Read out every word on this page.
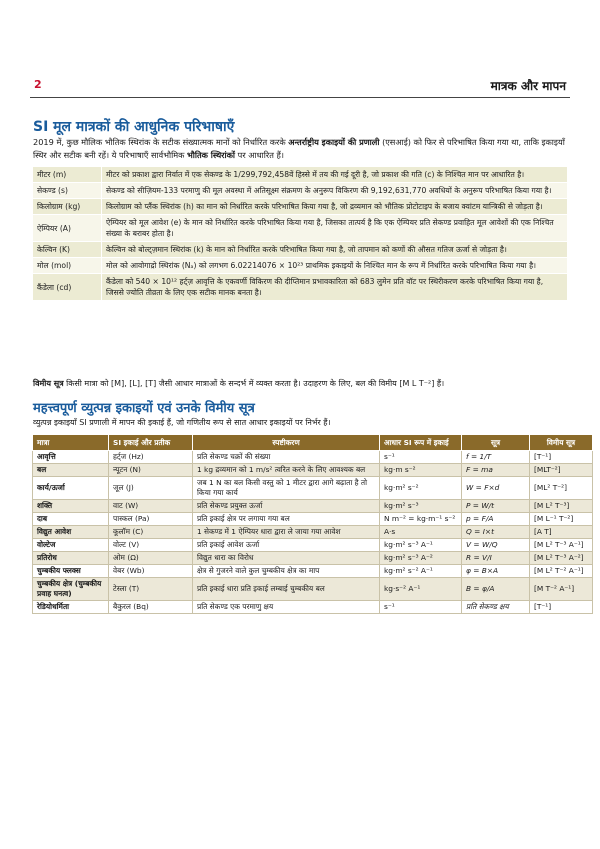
2	मात्रक और मापन
SI मूल मात्रकों की आधुनिक परिभाषाएँ
2019 में, कुछ मौलिक भौतिक स्थिरांक के सटीक संख्यात्मक मानों को निर्धारित करके अन्तर्राष्ट्रीय इकाइयों की प्रणाली (एसआई) को फिर से परिभाषित किया गया था, ताकि इकाइयाँ स्थिर और सटीक बनी रहें। ये परिभाषाएँ सार्वभौमिक भौतिक स्थिरांकों पर आधारित हैं।
मीटर (m)	मीटर को प्रकाश द्वारा निर्वात में एक सेकण्ड के 1/299,792,458वें हिस्से में तय की गई दूरी है, जो प्रकाश की गति (c) के निश्चित मान पर आधारित है।
सेकण्ड (s)	सेकण्ड को सीज़ियम-133 परमाणु की मूल अवस्था में अतिसूक्ष्म संक्रमण के अनुरूप विकिरण की 9,192,631,770 अवधियों के अनुरूप परिभाषित किया गया है।
किलोग्राम (kg)	किलोग्राम को प्लैंक स्थिरांक (h) का मान को निर्धारित करके परिभाषित किया गया है, जो द्रव्यमान को भौतिक प्रोटोटाइप के बजाय क्वांटम यान्त्रिकी से जोड़ता है।
ऐम्पियर (A)	ऐम्पियर को मूल आवेश (e) के मान को निर्धारित करके परिभाषित किया गया है, जिसका तात्पर्य है कि एक ऐम्पियर प्रति सेकण्ड प्रवाहित मूल आवेशों की एक निश्चित संख्या के बराबर होता है।
केल्विन (K)	केल्विन को बोल्ट्ज़मान स्थिरांक (k) के मान को निर्धारित करके परिभाषित किया गया है, जो तापमान को कणों की औसत गतिज ऊर्जा से जोड़ता है।
मोल (mol)	मोल को आवोगाद्रो स्थिरांक (Nₐ) को लगभग 6.02214076 × 10²³ प्राथमिक इकाइयों के निश्चित मान के रूप में निर्धारित करके परिभाषित किया गया है।
कैंडेला (cd)	कैंडेला को 540 × 10¹² हर्ट्ज़ आवृत्ति के एकवर्णी विकिरण की दीप्तिमान प्रभावकारिता को 683 लुमेन प्रति वॉट पर स्थिरीकरण करके परिभाषित किया गया है, जिससे ज्योति तीव्रता के लिए एक सटीक मानक बनता है।
विमीय सूत्र किसी मात्रा को [M], [L], [T] जैसी आधार मात्राओं के सन्दर्भ में व्यक्त करता है। उदाहरण के लिए, बल की विमीय [M L T⁻²] हैं।
महत्त्वपूर्ण व्युत्पन्न इकाइयों एवं उनके विमीय सूत्र
व्युत्पन्न इकाइयाँ SI प्रणाली में मापन की इकाई हैं, जो गणितीय रूप से सात आधार इकाइयों पर निर्भर हैं।
मात्रा	SI इकाई और प्रतीक	स्पष्टीकरण	आधार SI रूप में इकाई	सूत्र	विमीय सूत्र
आवृत्ति	हर्ट्ज (Hz)	प्रति सेकण्ड चक्रों की संख्या	s⁻¹	f = 1/T	[T⁻¹]
बल	न्यूटन (N)	1 kg द्रव्यमान को 1 m/s² त्वरित करने के लिए आवश्यक बल	kg·m s⁻²	F = ma	[MLT⁻²]
कार्य/ऊर्जा	जूल (J)	जब 1 N का बल किसी वस्तु को 1 मीटर द्वारा आगे बढ़ाता है तो किया गया कार्य	kg·m² s⁻²	W = F×d	[ML² T⁻²]
शक्ति	वाट (W)	प्रति सेकण्ड प्रयुक्त ऊर्जा	kg·m² s⁻³	P = W/t	[M L² T⁻³]
दाब	पास्कल (Pa)	प्रति इकाई क्षेत्र पर लगाया गया बल	N m⁻² = kg·m⁻¹ s⁻²	p = F/A	[M L⁻¹ T⁻²]
विद्युत आवेश	कूलॉम (C)	1 सेकण्ड में 1 ऐम्पियर धारा द्वारा ले जाया गया आवेश	A·s	Q = I×t	[A T]
वोल्टेज	वोल्ट (V)	प्रति इकाई आवेश ऊर्जा	kg·m² s⁻³ A⁻¹	V = W/Q	[M L² T⁻³ A⁻¹]
प्रतिरोध	ओम (Ω)	विद्युत धारा का विरोध	kg·m² s⁻³ A⁻²	R = V/I	[M L² T⁻³ A⁻²]
चुम्बकीय फ्लक्स	वेबर (Wb)	क्षेत्र से गुजरने वाले कुल चुम्बकीय क्षेत्र का माप	kg·m² s⁻² A⁻¹	φ = B×A	[M L² T⁻² A⁻¹]
चुम्बकीय क्षेत्र (चुम्बकीय प्रवाह घनत्व)	टेस्ला (T)	प्रति इकाई धारा प्रति इकाई लम्बाई चुम्बकीय बल	kg·s⁻² A⁻¹	B = φ/A	[M T⁻² A⁻¹]
रेडियोधर्मिता	बैकुरल (Bq)	प्रति सेकण्ड एक परमाणु क्षय	s⁻¹	प्रति सेकण्ड क्षय	[T⁻¹]
